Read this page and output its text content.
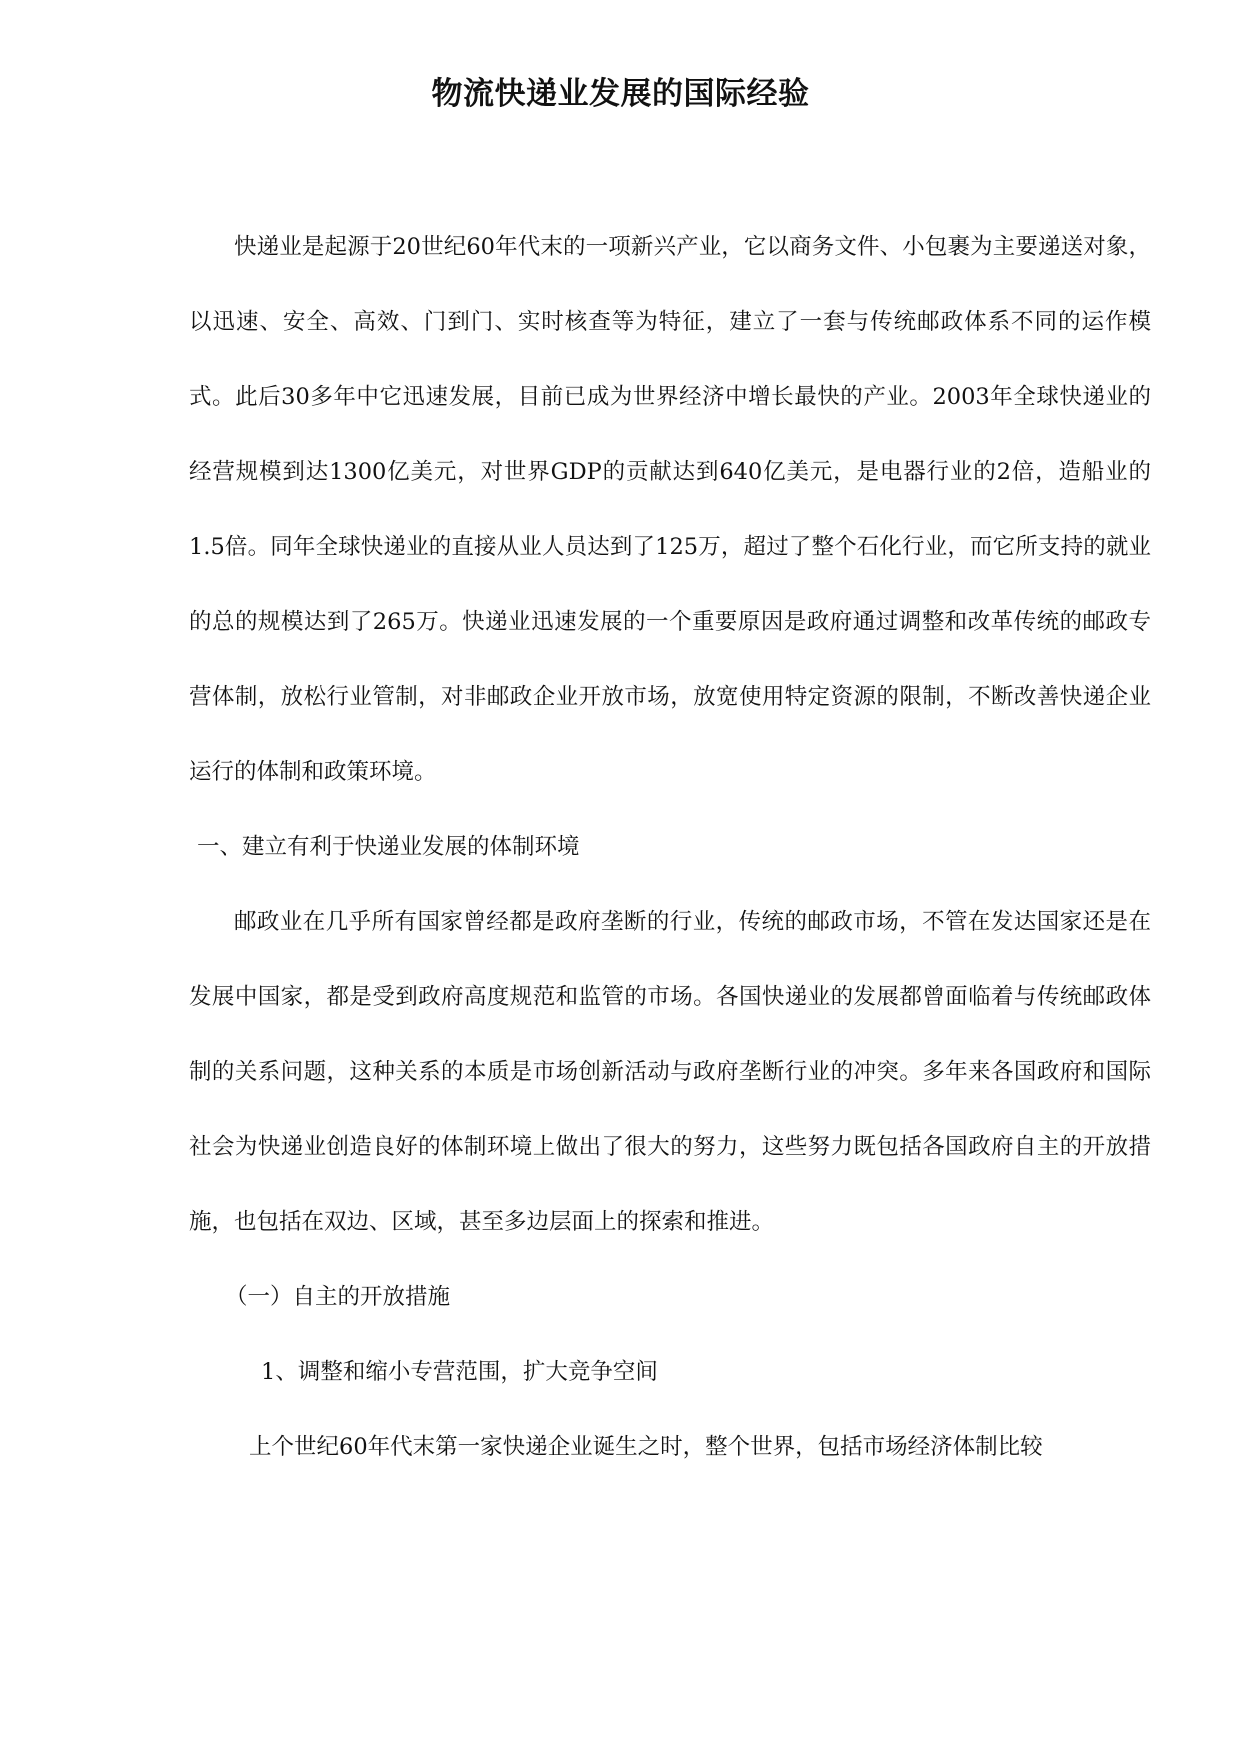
物流快递业发展的国际经验

快递业是起源于20世纪60年代末的一项新兴产业，它以商务文件、小包裹为主要递送对象，以迅速、安全、高效、门到门、实时核查等为特征，建立了一套与传统邮政体系不同的运作模式。此后30多年中它迅速发展，目前已成为世界经济中增长最快的产业。2003年全球快递业的经营规模到达1300亿美元，对世界GDP的贡献达到640亿美元，是电器行业的2倍，造船业的1.5倍。同年全球快递业的直接从业人员达到了125万，超过了整个石化行业，而它所支持的就业的总的规模达到了265万。快递业迅速发展的一个重要原因是政府通过调整和改革传统的邮政专营体制，放松行业管制，对非邮政企业开放市场，放宽使用特定资源的限制，不断改善快递企业运行的体制和政策环境。

一、建立有利于快递业发展的体制环境

邮政业在几乎所有国家曾经都是政府垄断的行业，传统的邮政市场，不管在发达国家还是在发展中国家，都是受到政府高度规范和监管的市场。各国快递业的发展都曾面临着与传统邮政体制的关系问题，这种关系的本质是市场创新活动与政府垄断行业的冲突。多年来各国政府和国际社会为快递业创造良好的体制环境上做出了很大的努力，这些努力既包括各国政府自主的开放措施，也包括在双边、区域，甚至多边层面上的探索和推进。

（一）自主的开放措施

1、调整和缩小专营范围，扩大竞争空间

上个世纪60年代末第一家快递企业诞生之时，整个世界，包括市场经济体制比较
